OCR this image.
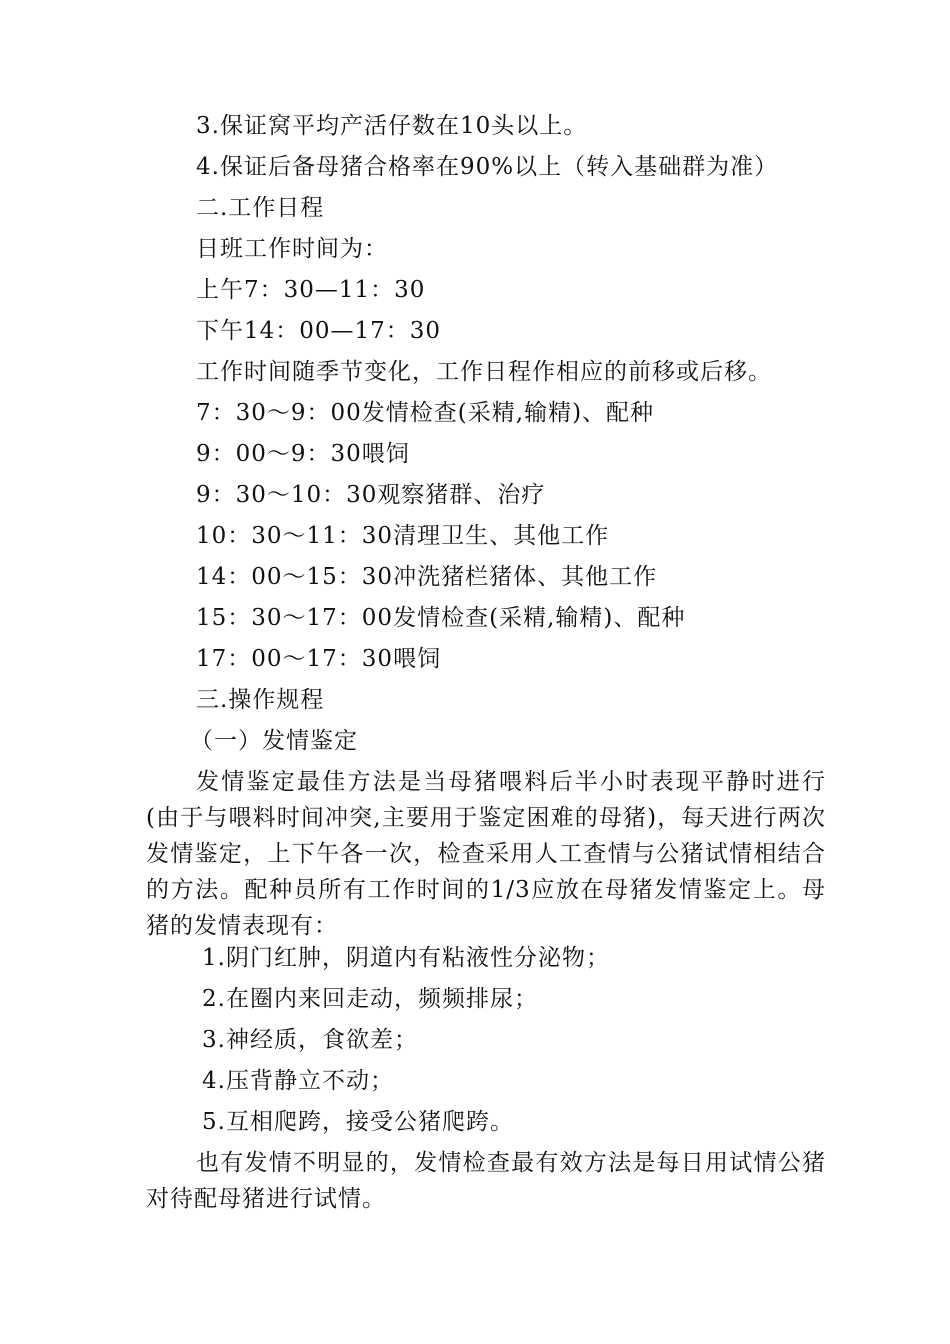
3.保证窝平均产活仔数在10头以上。
4.保证后备母猪合格率在90%以上（转入基础群为准）
二.工作日程
日班工作时间为：
上午7：30—11：30
下午14：00—17：30
工作时间随季节变化，工作日程作相应的前移或后移。
7：30～9：00发情检查(采精,输精)、配种
9：00～9：30喂饲
9：30～10：30观察猪群、治疗
10：30～11：30清理卫生、其他工作
14：00～15：30冲洗猪栏猪体、其他工作
15：30～17：00发情检查(采精,输精)、配种
17：00～17：30喂饲
三.操作规程
（一）发情鉴定
发情鉴定最佳方法是当母猪喂料后半小时表现平静时进行(由于与喂料时间冲突,主要用于鉴定困难的母猪)，每天进行两次发情鉴定，上下午各一次，检查采用人工查情与公猪试情相结合的方法。配种员所有工作时间的1/3应放在母猪发情鉴定上。母猪的发情表现有：
1.阴门红肿，阴道内有粘液性分泌物；
2.在圈内来回走动，频频排尿；
3.神经质，食欲差；
4.压背静立不动；
5.互相爬跨，接受公猪爬跨。
也有发情不明显的，发情检查最有效方法是每日用试情公猪对待配母猪进行试情。
